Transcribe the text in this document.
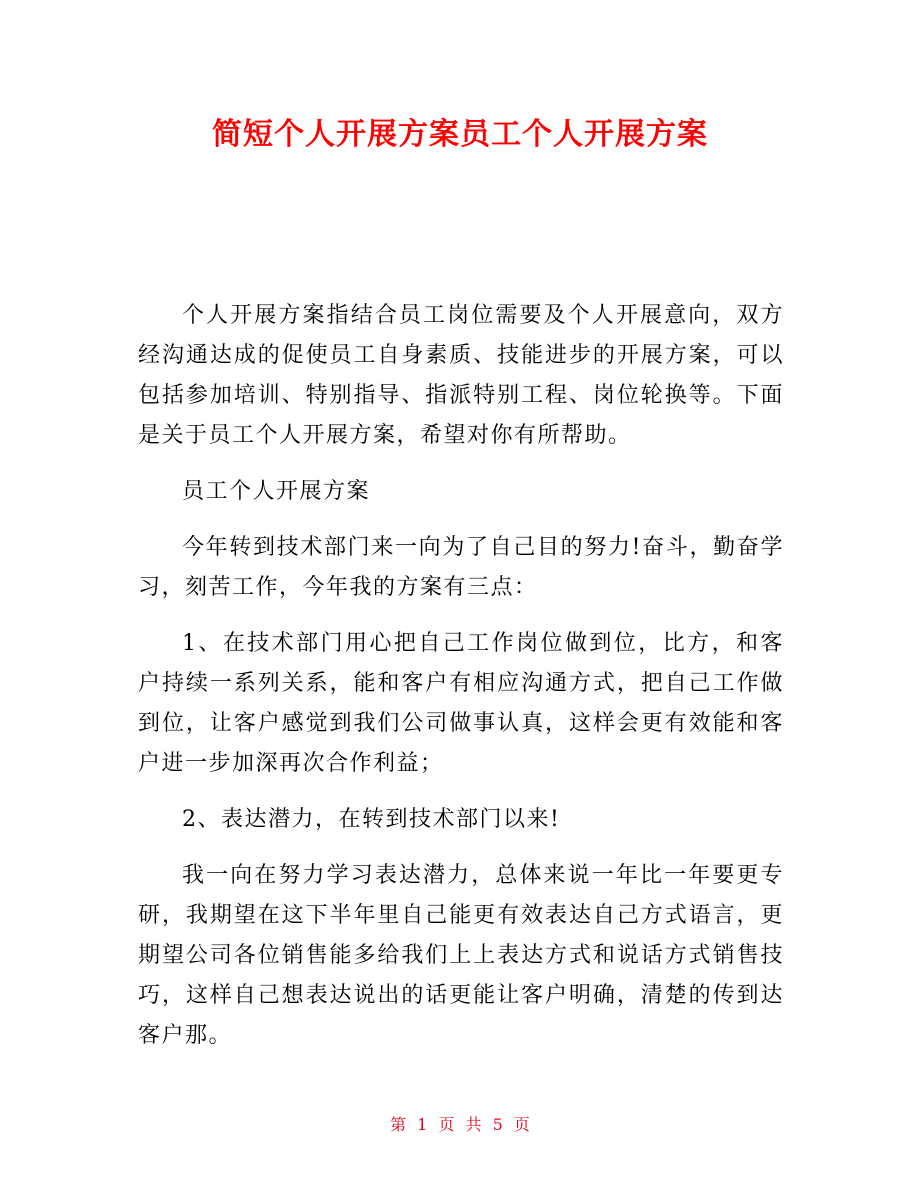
简短个人开展方案员工个人开展方案

个人开展方案指结合员工岗位需要及个人开展意向，双方经沟通达成的促使员工自身素质、技能进步的开展方案，可以包括参加培训、特别指导、指派特别工程、岗位轮换等。下面是关于员工个人开展方案，希望对你有所帮助。

员工个人开展方案

今年转到技术部门来一向为了自己目的努力!奋斗，勤奋学习，刻苦工作，今年我的方案有三点：

1、在技术部门用心把自己工作岗位做到位，比方，和客户持续一系列关系，能和客户有相应沟通方式，把自己工作做到位，让客户感觉到我们公司做事认真，这样会更有效能和客户进一步加深再次合作利益；

2、表达潜力，在转到技术部门以来!

我一向在努力学习表达潜力，总体来说一年比一年要更专研，我期望在这下半年里自己能更有效表达自己方式语言，更期望公司各位销售能多给我们上上表达方式和说话方式销售技巧，这样自己想表达说出的话更能让客户明确，清楚的传到达客户那。

第 1 页 共 5 页
